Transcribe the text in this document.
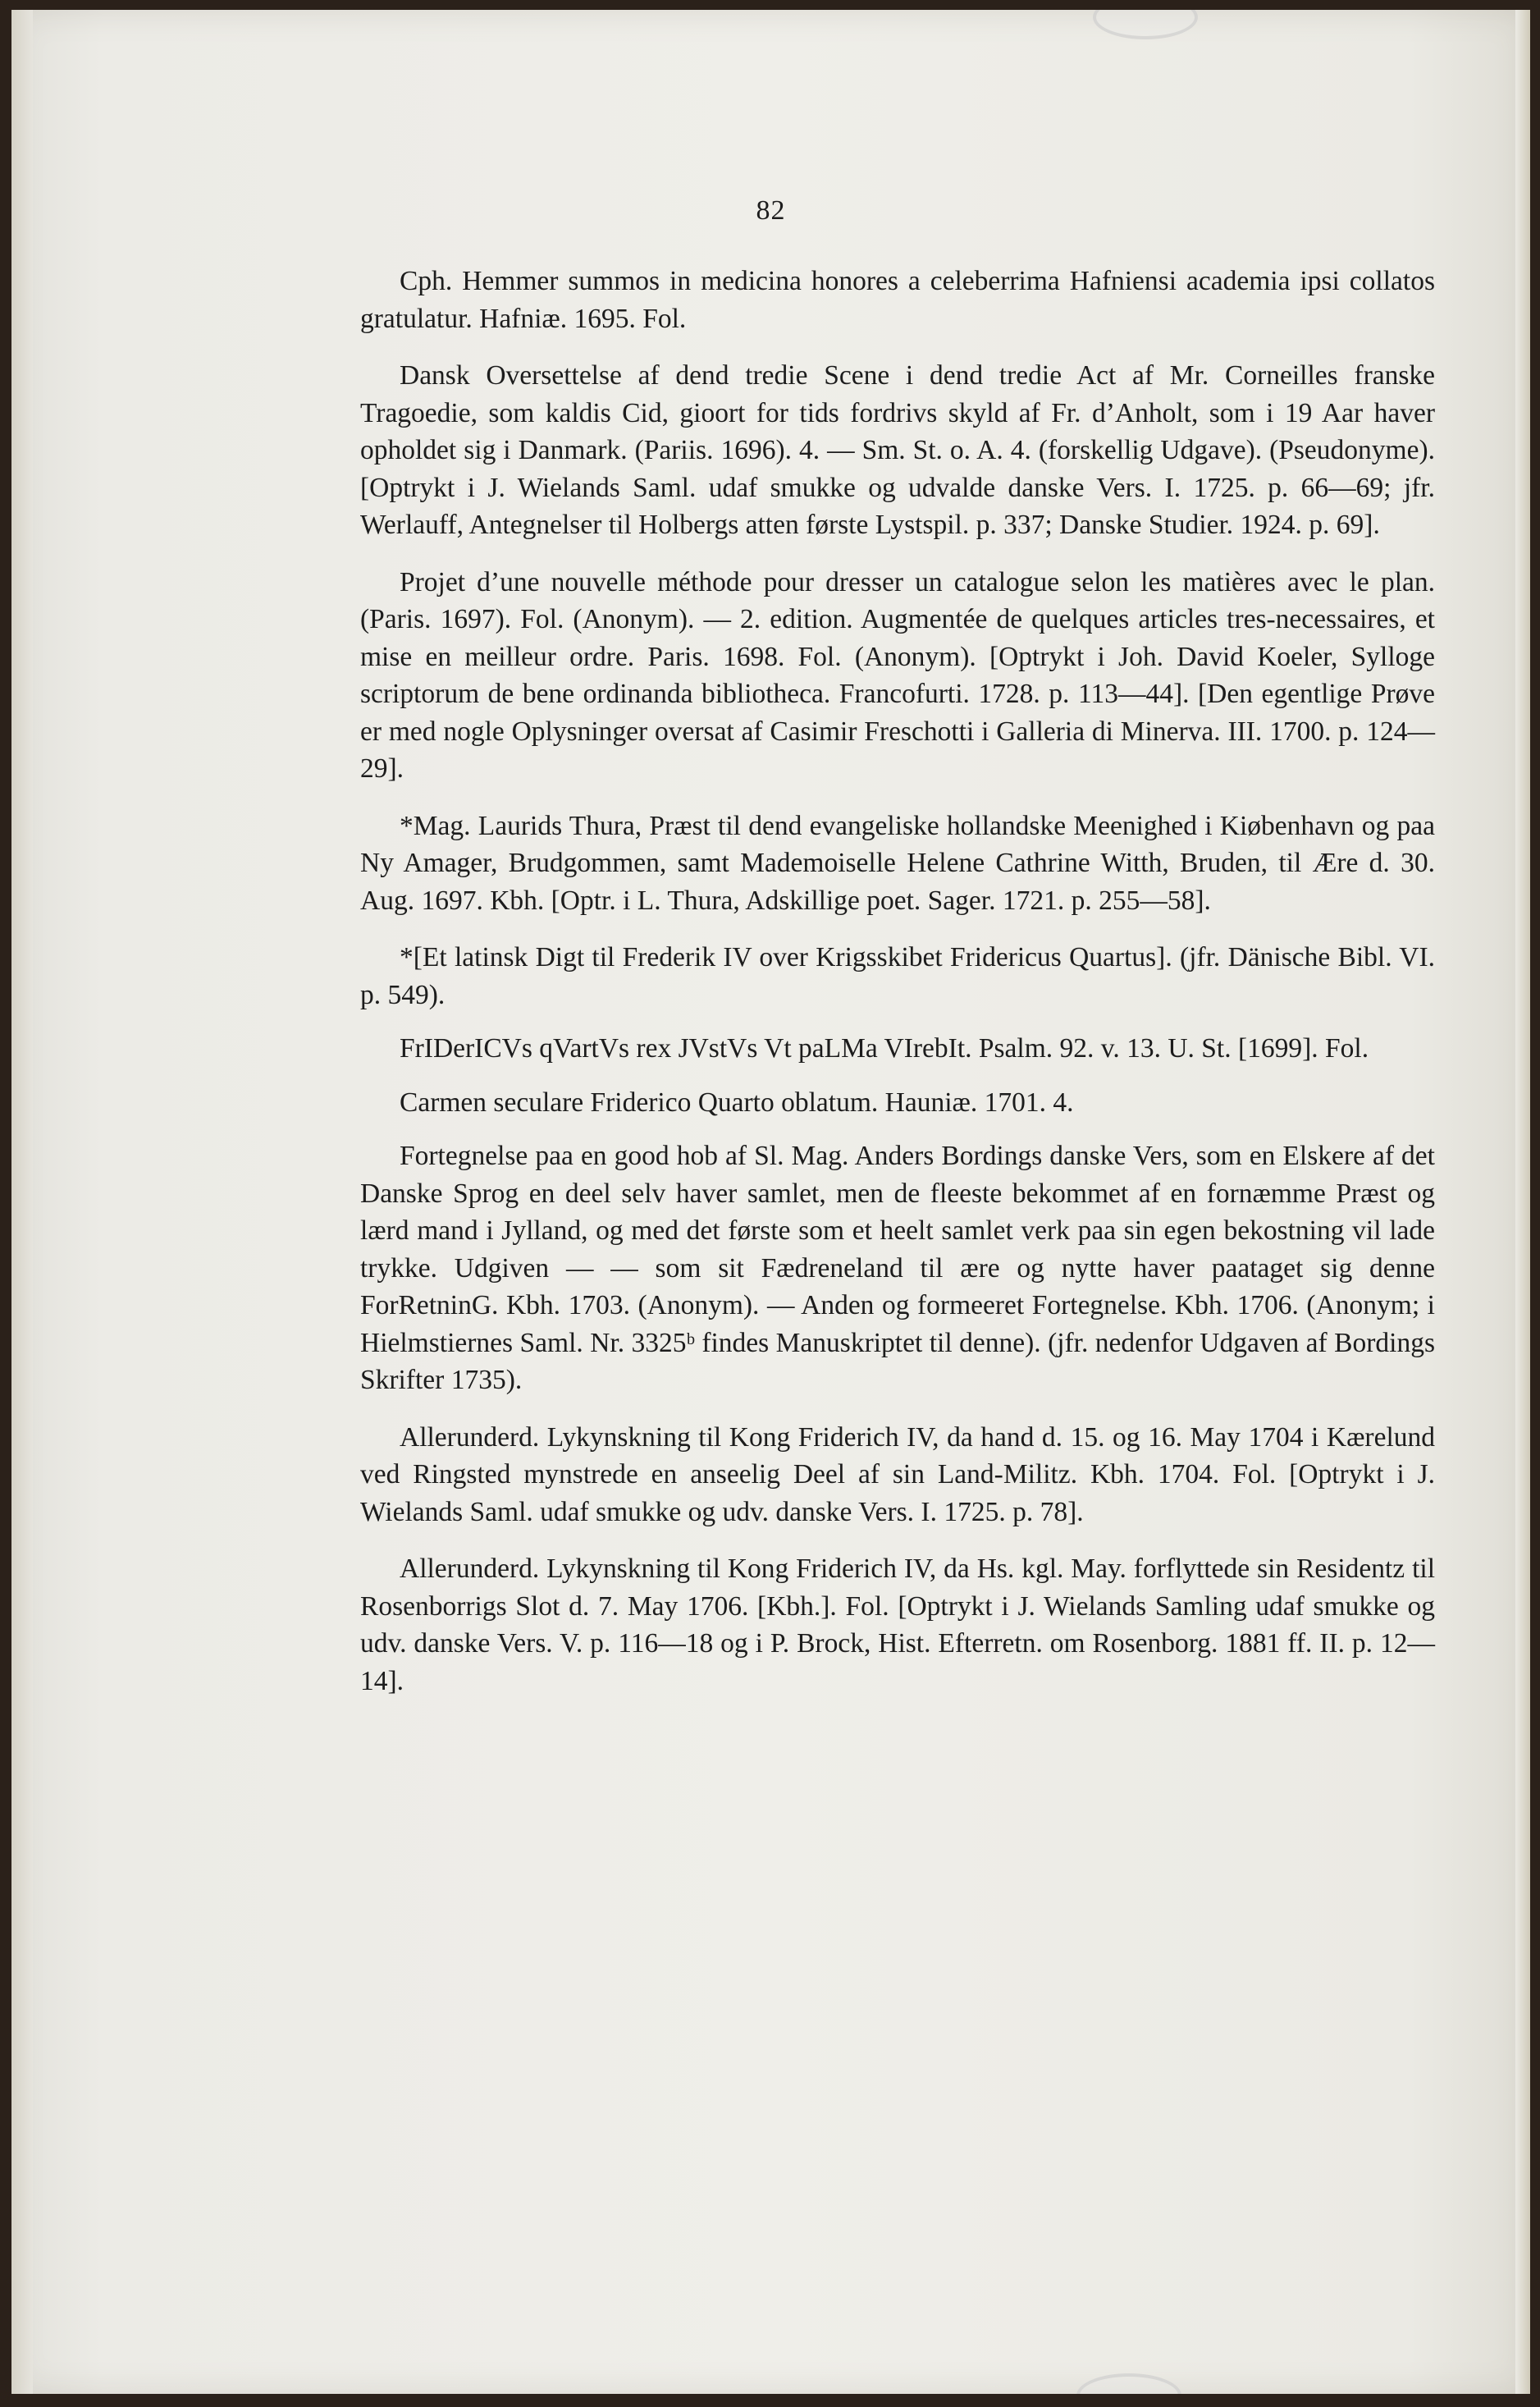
82

Cph. Hemmer summos in medicina honores a celeberrima Hafniensi academia ipsi collatos gratulatur. Hafniæ. 1695. Fol.

Dansk Oversettelse af dend tredie Scene i dend tredie Act af Mr. Corneilles franske Tragoedie, som kaldis Cid, gioort for tids fordrivs skyld af Fr. d’Anholt, som i 19 Aar haver opholdet sig i Danmark. (Pariis. 1696). 4. — Sm. St. o. A. 4. (forskellig Udgave). (Pseudonyme). [Optrykt i J. Wielands Saml. udaf smukke og udvalde danske Vers. I. 1725. p. 66—69; jfr. Werlauff, Antegnelser til Holbergs atten første Lystspil. p. 337; Danske Studier. 1924. p. 69].

Projet d’une nouvelle méthode pour dresser un catalogue selon les matières avec le plan. (Paris. 1697). Fol. (Anonym). — 2. edition. Augmentée de quelques articles tres-necessaires, et mise en meilleur ordre. Paris. 1698. Fol. (Anonym). [Optrykt i Joh. David Koeler, Sylloge scriptorum de bene ordinanda bibliotheca. Francofurti. 1728. p. 113—44]. [Den egentlige Prøve er med nogle Oplysninger oversat af Casimir Freschotti i Galleria di Minerva. III. 1700. p. 124—29].

*Mag. Laurids Thura, Præst til dend evangeliske hollandske Meenighed i Kiøbenhavn og paa Ny Amager, Brudgommen, samt Mademoiselle Helene Cathrine Witth, Bruden, til Ære d. 30. Aug. 1697. Kbh. [Optr. i L. Thura, Adskillige poet. Sager. 1721. p. 255—58].

*[Et latinsk Digt til Frederik IV over Krigsskibet Fridericus Quartus]. (jfr. Dänische Bibl. VI. p. 549).

FrIDerICVs qVartVs rex JVstVs Vt paLMa VIrebIt. Psalm. 92. v. 13. U. St. [1699]. Fol.

Carmen seculare Friderico Quarto oblatum. Hauniæ. 1701. 4.

Fortegnelse paa en good hob af Sl. Mag. Anders Bordings danske Vers, som en Elskere af det Danske Sprog en deel selv haver samlet, men de fleeste bekommet af en fornæmme Præst og lærd mand i Jylland, og med det første som et heelt samlet verk paa sin egen bekostning vil lade trykke. Udgiven — — som sit Fædreneland til ære og nytte haver paataget sig denne ForRetninG. Kbh. 1703. (Anonym). — Anden og formeeret Fortegnelse. Kbh. 1706. (Anonym; i Hielmstiernes Saml. Nr. 3325ᵇ findes Manuskriptet til denne). (jfr. nedenfor Udgaven af Bordings Skrifter 1735).

Allerunderd. Lykynskning til Kong Friderich IV, da hand d. 15. og 16. May 1704 i Kærelund ved Ringsted mynstrede en anseelig Deel af sin Land-Militz. Kbh. 1704. Fol. [Optrykt i J. Wielands Saml. udaf smukke og udv. danske Vers. I. 1725. p. 78].

Allerunderd. Lykynskning til Kong Friderich IV, da Hs. kgl. May. forflyttede sin Residentz til Rosenborrigs Slot d. 7. May 1706. [Kbh.]. Fol. [Optrykt i J. Wielands Samling udaf smukke og udv. danske Vers. V. p. 116—18 og i P. Brock, Hist. Efterretn. om Rosenborg. 1881 ff. II. p. 12—14].
